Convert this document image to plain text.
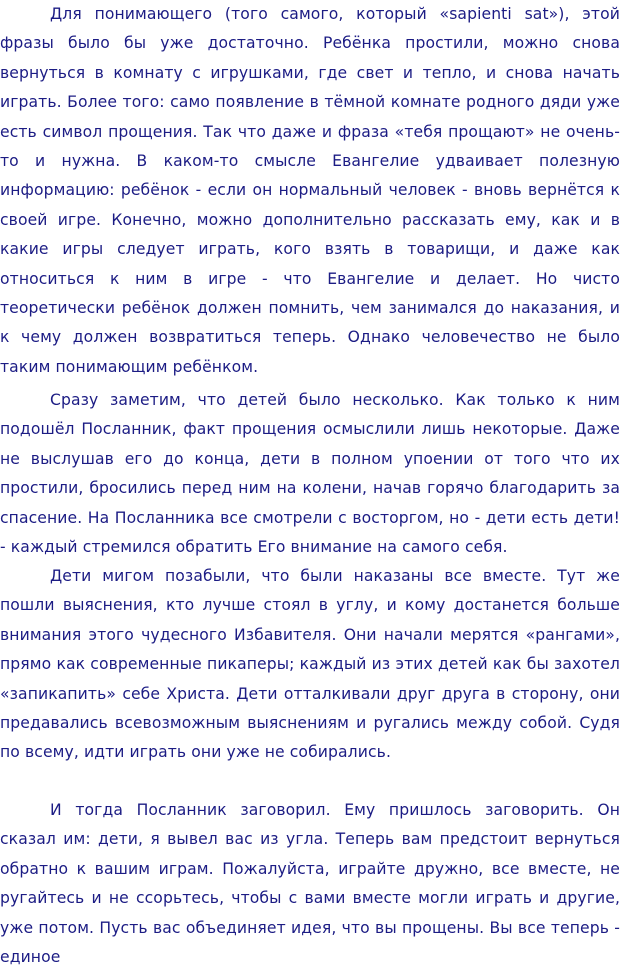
Для понимающего (того самого, который «sapienti sat»), этой фразы было бы уже достаточно. Ребёнка простили, можно снова вернуться в комнату с игрушками, где свет и тепло, и снова начать играть. Более того: само появление в тёмной комнате родного дяди уже есть символ прощения. Так что даже и фраза «тебя прощают» не очень-то и нужна. В каком-то смысле Евангелие удваивает полезную информацию: ребёнок - если он нормальный человек - вновь вернётся к своей игре. Конечно, можно дополнительно рассказать ему, как и в какие игры следует играть, кого взять в товарищи, и даже как относиться к ним в игре - что Евангелие и делает. Но чисто теоретически ребёнок должен помнить, чем занимался до наказания, и к чему должен возвратиться теперь. Однако человечество не было таким понимающим ребёнком.

Сразу заметим, что детей было несколько. Как только к ним подошёл Посланник, факт прощения осмыслили лишь некоторые. Даже не выслушав его до конца, дети в полном упоении от того что их простили, бросились перед ним на колени, начав горячо благодарить за спасение. На Посланника все смотрели с восторгом, но - дети есть дети! - каждый стремился обратить Его внимание на самого себя.

Дети мигом позабыли, что были наказаны все вместе. Тут же пошли выяснения, кто лучше стоял в углу, и кому достанется больше внимания этого чудесного Избавителя. Они начали мерятся «рангами», прямо как современные пикаперы; каждый из этих детей как бы захотел «запикапить» себе Христа. Дети отталкивали друг друга в сторону, они предавались всевозможным выяснениям и ругались между собой. Судя по всему, идти играть они уже не собирались.

И тогда Посланник заговорил. Ему пришлось заговорить. Он сказал им: дети, я вывел вас из угла. Теперь вам предстоит вернуться обратно к вашим играм. Пожалуйста, играйте дружно, все вместе, не ругайтесь и не ссорьтесь, чтобы с вами вместе могли играть и другие, уже потом. Пусть вас объединяет идея, что вы прощены. Вы все теперь - единое
